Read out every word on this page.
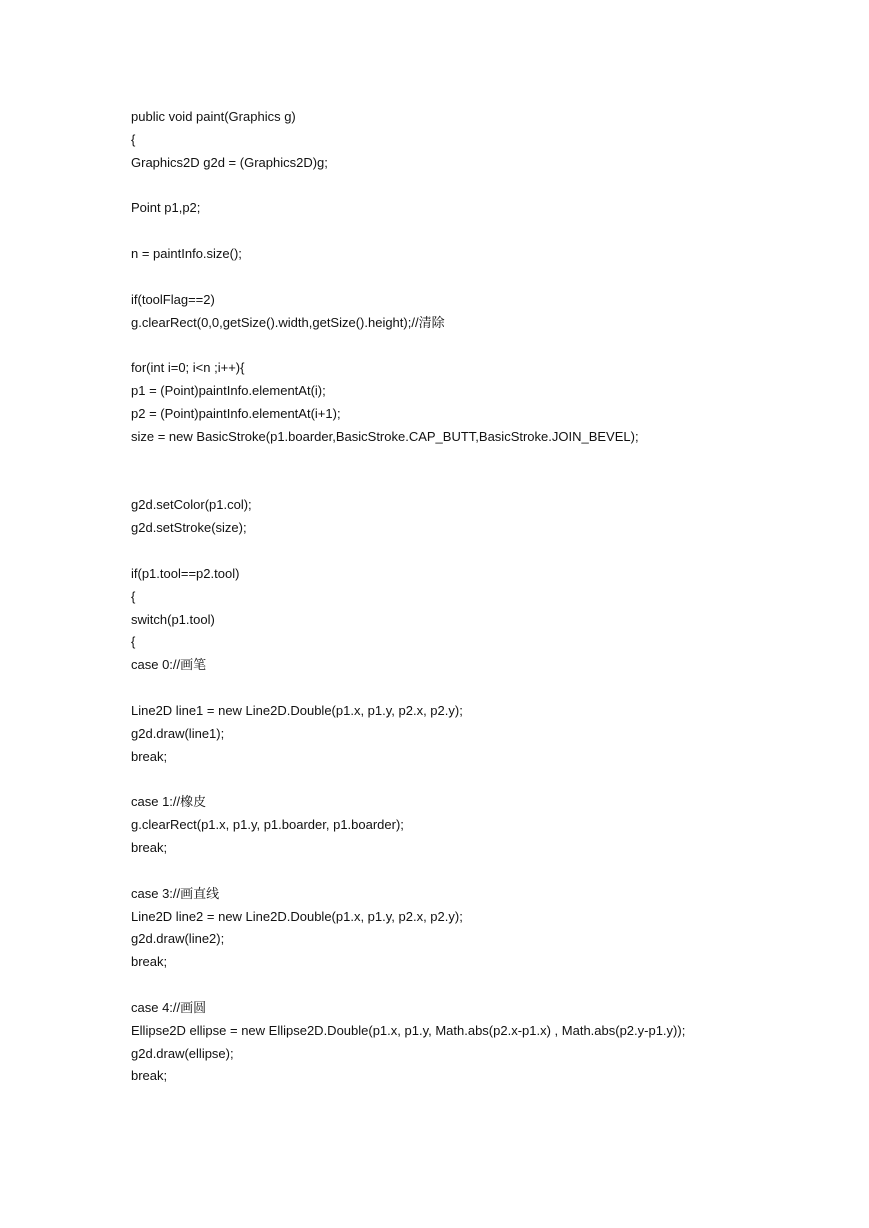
public void paint(Graphics g)
{
Graphics2D g2d = (Graphics2D)g;
Point p1,p2;
n = paintInfo.size();
if(toolFlag==2)
g.clearRect(0,0,getSize().width,getSize().height);//清除
for(int i=0; i<n ;i++){
p1 = (Point)paintInfo.elementAt(i);
p2 = (Point)paintInfo.elementAt(i+1);
size = new BasicStroke(p1.boarder,BasicStroke.CAP_BUTT,BasicStroke.JOIN_BEVEL);
g2d.setColor(p1.col);
g2d.setStroke(size);
if(p1.tool==p2.tool)
{
switch(p1.tool)
{
case 0://画笔
Line2D line1 = new Line2D.Double(p1.x, p1.y, p2.x, p2.y);
g2d.draw(line1);
break;
case 1://橡皮
g.clearRect(p1.x, p1.y, p1.boarder, p1.boarder);
break;
case 3://画直线
Line2D line2 = new Line2D.Double(p1.x, p1.y, p2.x, p2.y);
g2d.draw(line2);
break;
case 4://画圆
Ellipse2D ellipse = new Ellipse2D.Double(p1.x, p1.y, Math.abs(p2.x-p1.x) , Math.abs(p2.y-p1.y));
g2d.draw(ellipse);
break;
